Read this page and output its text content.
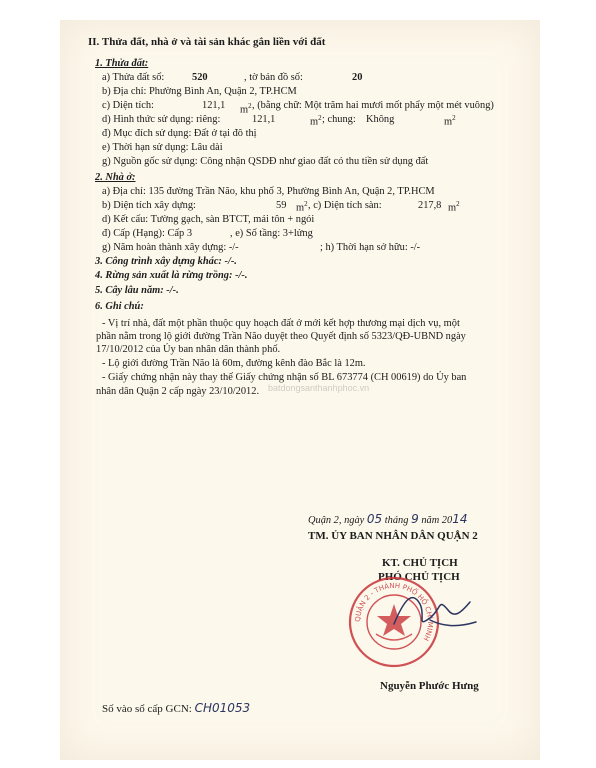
II. Thửa đất, nhà ở và tài sản khác gắn liền với đất
1. Thửa đất:
a) Thửa đất số:	520	, tờ bản đồ số:	20
b) Địa chỉ: Phường Bình An, Quận 2, TP.HCM
c) Diện tích:	121,1 $m^2$ , (bằng chữ: Một trăm hai mươi mốt phẩy một mét vuông)
d) Hình thức sử dụng: riêng:	121,1	$m^2$ ; chung: Không	$m^2$
đ) Mục đích sử dụng: Đất ở tại đô thị
e) Thời hạn sử dụng: Lâu dài
g) Nguồn gốc sử dụng: Công nhận QSDĐ như giao đất có thu tiền sử dụng đất
2. Nhà ở:
a) Địa chỉ: 135 đường Trần Não, khu phố 3, Phường Bình An, Quận 2, TP.HCM
b) Diện tích xây dựng:	59 $m^2$ , c) Diện tích sàn:	217,8 $m^2$
d) Kết cấu: Tường gạch, sàn BTCT, mái tôn + ngói
đ) Cấp (Hạng): Cấp 3	, e) Số tầng: 3+lửng
g) Năm hoàn thành xây dựng: -/-	; h) Thời hạn sở hữu: -/-
3. Công trình xây dựng khác: -/-.
4. Rừng sản xuất là rừng trồng: -/-.
5. Cây lâu năm: -/-.
6. Ghi chú:
- Vị trí nhà, đất một phần thuộc quy hoạch đất ở mới kết hợp thương mại dịch vụ, một
phần nằm trong lộ giới đường Trần Não duyệt theo Quyết định số 5323/QĐ-UBND ngày
17/10/2012 của Ủy ban nhân dân thành phố.
- Lộ giới đường Trần Não là 60m, đường kênh đào Bắc là 12m.
- Giấy chứng nhận này thay thế Giấy chứng nhận số BL 673774 (CH 00619) do Ủy ban
nhân dân Quận 2 cấp ngày 23/10/2012. batdongsanthanhphoc.vn
Quận 2, ngày 05 tháng 9 năm 2014
TM. ỦY BAN NHÂN DÂN QUẬN 2
KT. CHỦ TỊCH
PHÓ CHỦ TỊCH
QUẬN 2 - THÀNH PHỐ HỒ CHÍ MINH
Nguyễn Phước Hưng
Số vào sổ cấp GCN: CH01053
